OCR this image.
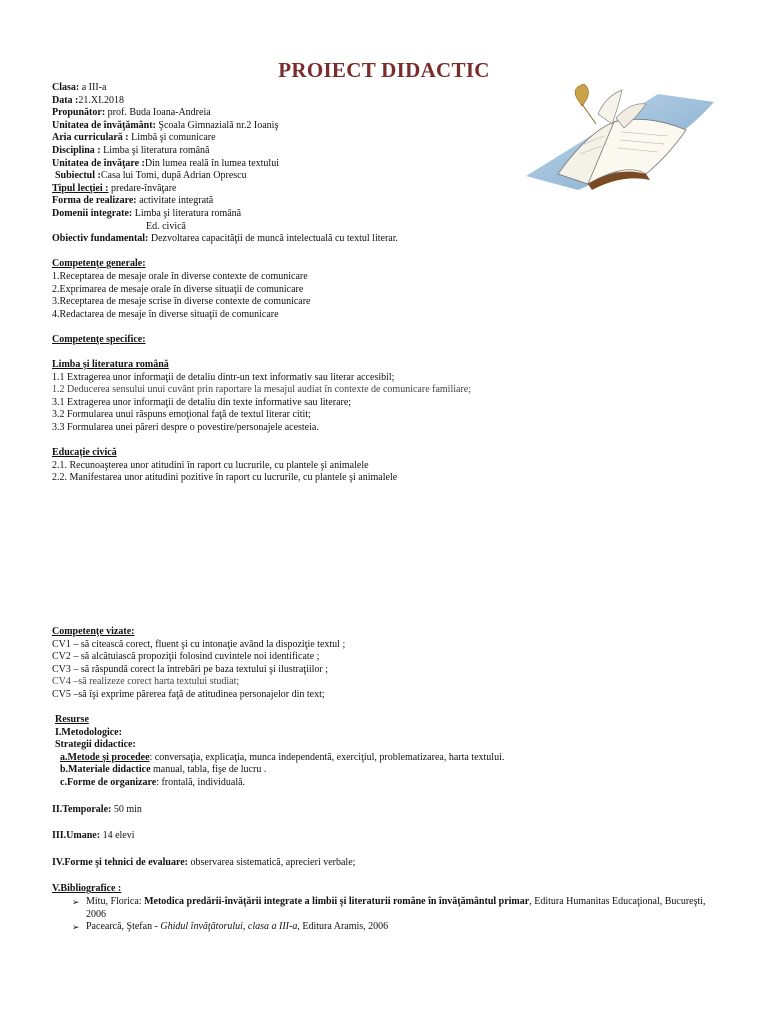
PROIECT DIDACTIC
Clasa: a III-a
Data :21.XI.2018
Propunător: prof. Buda Ioana-Andreia
Unitatea de învăţământ: Şcoala Gimnazială nr.2 Ioaniş
Aria curriculară : Limbă şi comunicare
Disciplina : Limba şi literatura română
Unitatea de învăţare :Din lumea reală în lumea textului
Subiectul :Casa lui Tomi, după Adrian Oprescu
Tipul lecţiei : predare-învăţare
Forma de realizare: activitate integrată
Domenii integrate: Limba şi literatura română
Ed. civică
Obiectiv fundamental: Dezvoltarea capacităţii de muncă intelectuală cu textul literar.
Competenţe generale:
1.Receptarea de mesaje orale în diverse contexte de comunicare
2.Exprimarea de mesaje orale în diverse situaţii de comunicare
3.Receptarea de mesaje scrise în diverse contexte de comunicare
4.Redactarea de mesaje în diverse situaţii de comunicare
Competenţe specifice:
Limba şi literatura română
1.1 Extragerea unor informaţii de detaliu dintr-un text informativ sau literar accesibil;
1.2 Deducerea sensului unui cuvânt prin raportare la mesajul audiat în contexte de comunicare familiare;
3.1 Extragerea unor informaţii de detaliu din texte informative sau literare;
3.2 Formularea unui răspuns emoţional faţă de textul literar citit;
3.3 Formularea unei păreri despre o povestire/personajele acesteia.
Educaţie civică
2.1. Recunoaşterea unor atitudini în raport cu lucrurile, cu plantele şi animalele
2.2. Manifestarea unor atitudini pozitive în raport cu lucrurile, cu plantele şi animalele
Competenţe vizate:
CV1 – să citească corect, fluent şi cu intonaţie având la dispoziţie textul ;
CV2 – să alcătuiască propoziţii folosind cuvintele noi identificate ;
CV3 – să răspundă corect la întrebări pe baza textului şi ilustraţiilor ;
CV4 –să realizeze corect harta textului studiat;
CV5 –să îşi exprime părerea faţă de atitudinea personajelor din text;
Resurse
I.Metodologice:
Strategii didactice:
a.Metode şi procedee: conversaţia, explicaţia, munca independentă, exerciţiul, problematizarea, harta textului.
b.Materiale didactice manual, tabla, fişe de lucru .
c.Forme de organizare: frontală, individuală.
II.Temporale: 50 min
III.Umane: 14 elevi
IV.Forme şi tehnici de evaluare: observarea sistematică, aprecieri verbale;
V.Bibliografice :
➢ Mitu, Florica: Metodica predării-învăţării integrate a limbii şi literaturii române în învăţământul primar, Editura Humanitas Educaţional, Bucureşti, 2006
➢ Pacearcă, Ştefan - Ghidul învăţătorului, clasa a III-a, Editura Aramis, 2006
